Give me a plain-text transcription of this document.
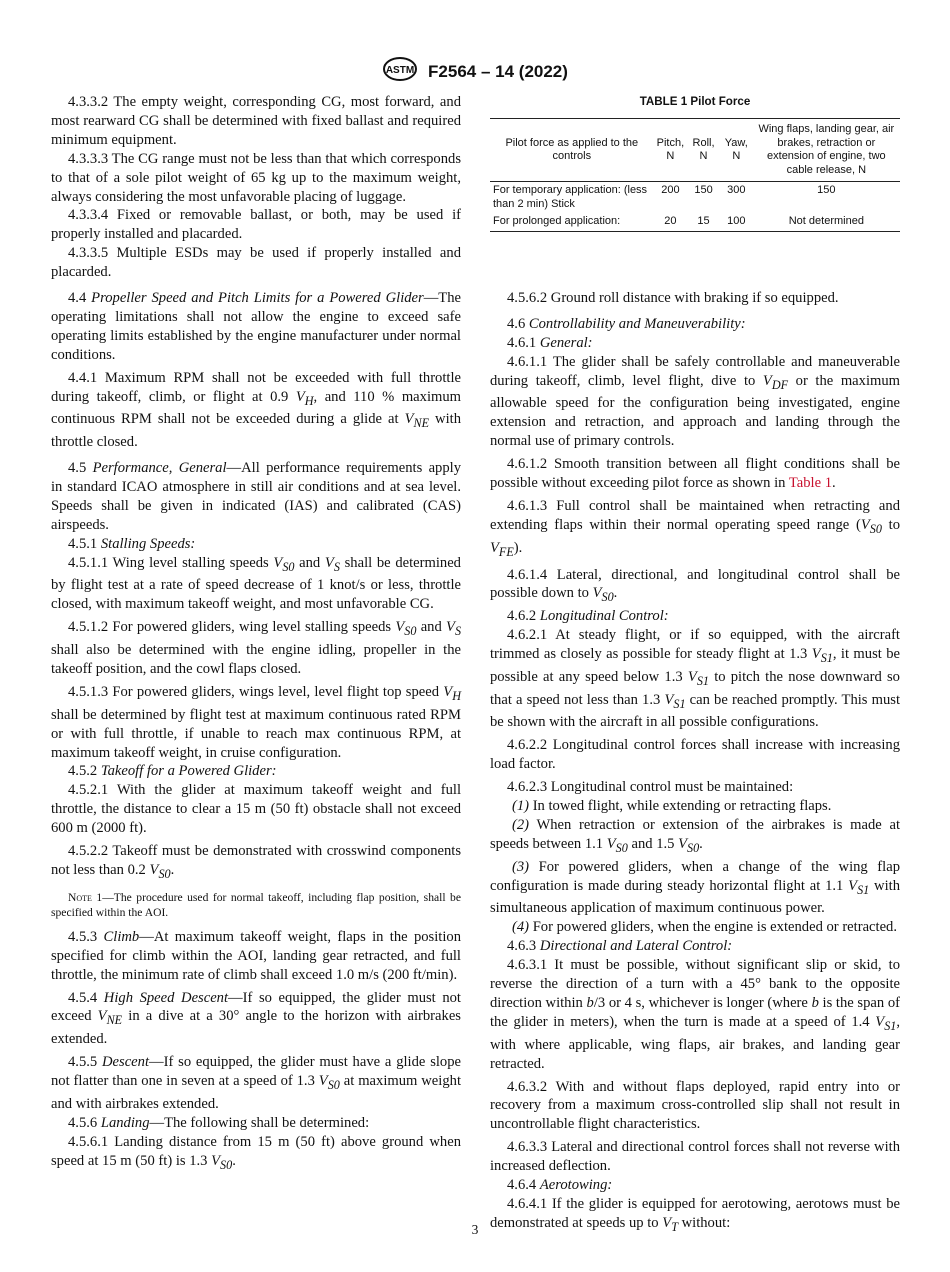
ASTM F2564 – 14 (2022)

4.3.3.2 The empty weight, corresponding CG, most forward, and most rearward CG shall be determined with fixed ballast and required minimum equipment.

4.3.3.3 The CG range must not be less than that which corresponds to that of a sole pilot weight of 65 kg up to the maximum weight, always considering the most unfavorable placing of luggage.

4.3.3.4 Fixed or removable ballast, or both, may be used if properly installed and placarded.

4.3.3.5 Multiple ESDs may be used if properly installed and placarded.

4.4 Propeller Speed and Pitch Limits for a Powered Glider—The operating limitations shall not allow the engine to exceed safe operating limits established by the engine manufacturer under normal conditions.

4.4.1 Maximum RPM shall not be exceeded with full throttle during takeoff, climb, or flight at 0.9 $V_H$, and 110 % maximum continuous RPM shall not be exceeded during a glide at $V_{NE}$ with throttle closed.

4.5 Performance, General—All performance requirements apply in standard ICAO atmosphere in still air conditions and at sea level. Speeds shall be given in indicated (IAS) and calibrated (CAS) airspeeds.

4.5.1 Stalling Speeds:

4.5.1.1 Wing level stalling speeds $V_{S0}$ and $V_S$ shall be determined by flight test at a rate of speed decrease of 1 knot/s or less, throttle closed, with maximum takeoff weight, and most unfavorable CG.

4.5.1.2 For powered gliders, wing level stalling speeds $V_{S0}$ and $V_S$ shall also be determined with the engine idling, propeller in the takeoff position, and the cowl flaps closed.

4.5.1.3 For powered gliders, wings level, level flight top speed $V_H$ shall be determined by flight test at maximum continuous rated RPM or with full throttle, if unable to reach max continuous RPM, at maximum takeoff weight, in cruise configuration.

4.5.2 Takeoff for a Powered Glider:

4.5.2.1 With the glider at maximum takeoff weight and full throttle, the distance to clear a 15 m (50 ft) obstacle shall not exceed 600 m (2000 ft).

4.5.2.2 Takeoff must be demonstrated with crosswind components not less than 0.2 $V_{S0}$.

Note 1—The procedure used for normal takeoff, including flap position, shall be specified within the AOI.

4.5.3 Climb—At maximum takeoff weight, flaps in the position specified for climb within the AOI, landing gear retracted, and full throttle, the minimum rate of climb shall exceed 1.0 m/s (200 ft/min).

4.5.4 High Speed Descent—If so equipped, the glider must not exceed $V_{NE}$ in a dive at a 30° angle to the horizon with airbrakes extended.

4.5.5 Descent—If so equipped, the glider must have a glide slope not flatter than one in seven at a speed of 1.3 $V_{S0}$ at maximum weight and with airbrakes extended.

4.5.6 Landing—The following shall be determined:

4.5.6.1 Landing distance from 15 m (50 ft) above ground when speed at 15 m (50 ft) is 1.3 $V_{S0}$.

TABLE 1 Pilot Force
Pilot force as applied to the controls	Pitch, N	Roll, N	Yaw, N	Wing flaps, landing gear, air brakes, retraction or extension of engine, two cable release, N
For temporary application: (less than 2 min) Stick	200	150	300	150
For prolonged application:	20	15	100	Not determined

4.5.6.2 Ground roll distance with braking if so equipped.

4.6 Controllability and Maneuverability:

4.6.1 General:

4.6.1.1 The glider shall be safely controllable and maneuverable during takeoff, climb, level flight, dive to $V_{DF}$ or the maximum allowable speed for the configuration being investigated, engine extension and retraction, and approach and landing through the normal use of primary controls.

4.6.1.2 Smooth transition between all flight conditions shall be possible without exceeding pilot force as shown in Table 1.

4.6.1.3 Full control shall be maintained when retracting and extending flaps within their normal operating speed range ($V_{S0}$ to $V_{FE}$).

4.6.1.4 Lateral, directional, and longitudinal control shall be possible down to $V_{S0}$.

4.6.2 Longitudinal Control:

4.6.2.1 At steady flight, or if so equipped, with the aircraft trimmed as closely as possible for steady flight at 1.3 $V_{S1}$, it must be possible at any speed below 1.3 $V_{S1}$ to pitch the nose downward so that a speed not less than 1.3 $V_{S1}$ can be reached promptly. This must be shown with the aircraft in all possible configurations.

4.6.2.2 Longitudinal control forces shall increase with increasing load factor.

4.6.2.3 Longitudinal control must be maintained:

(1) In towed flight, while extending or retracting flaps.

(2) When retraction or extension of the airbrakes is made at speeds between 1.1 $V_{S0}$ and 1.5 $V_{S0}$.

(3) For powered gliders, when a change of the wing flap configuration is made during steady horizontal flight at 1.1 $V_{S1}$ with simultaneous application of maximum continuous power.

(4) For powered gliders, when the engine is extended or retracted.

4.6.3 Directional and Lateral Control:

4.6.3.1 It must be possible, without significant slip or skid, to reverse the direction of a turn with a 45° bank to the opposite direction within b/3 or 4 s, whichever is longer (where b is the span of the glider in meters), when the turn is made at a speed of 1.4 $V_{S1}$, with where applicable, wing flaps, air brakes, and landing gear retracted.

4.6.3.2 With and without flaps deployed, rapid entry into or recovery from a maximum cross-controlled slip shall not result in uncontrollable flight characteristics.

4.6.3.3 Lateral and directional control forces shall not reverse with increased deflection.

4.6.4 Aerotowing:

4.6.4.1 If the glider is equipped for aerotowing, aerotows must be demonstrated at speeds up to $V_T$ without:

3
